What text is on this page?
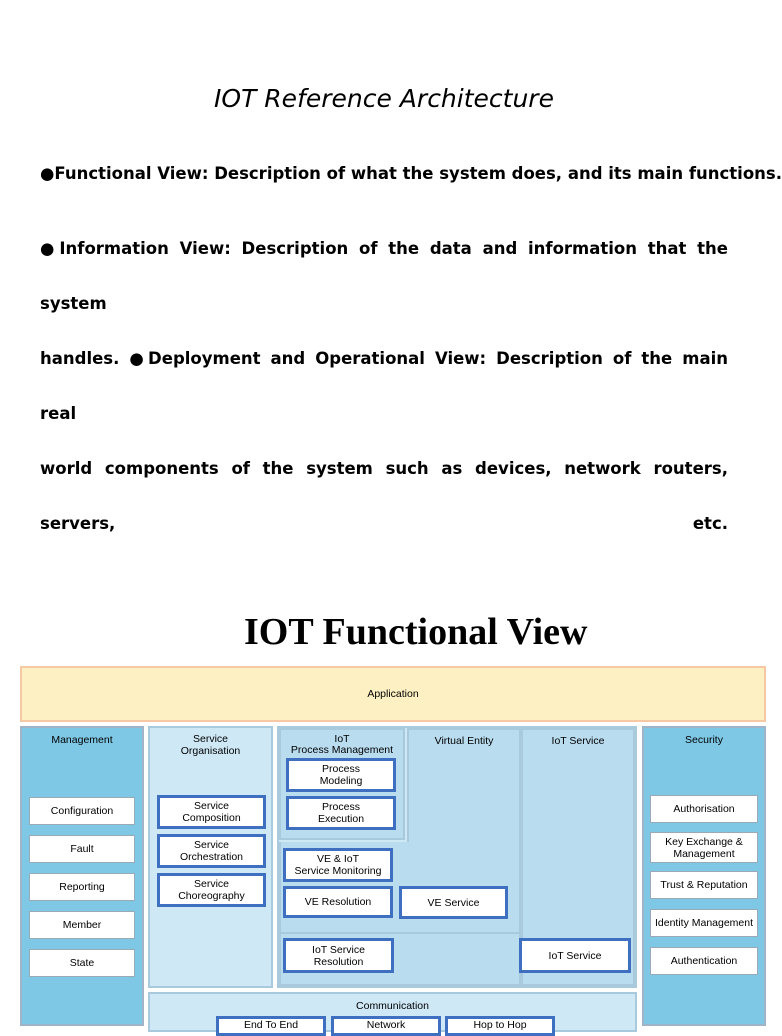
IOT Reference Architecture
●Functional View: Description of what the system does, and its main functions.
●Information View: Description of the data and information that the system
handles. ●Deployment and Operational View: Description of the main real
world components of the system such as devices, network routers, servers, etc.
IOT Functional View
Application
Management
Configuration
Fault
Reporting
Member
State
Service
Organisation
Service
Composition
Service
Orchestration
Service
Choreography
IoT
Process Management
Process
Modeling
Process
Execution
Virtual Entity
VE & IoT
Service Monitoring
VE Resolution	VE Service
IoT Service
IoT Service
Resolution	IoT Service
Security
Authorisation
Key Exchange &
Management
Trust & Reputation
Identity Management
Authentication
Communication
End To End	Network	Hop to Hop
